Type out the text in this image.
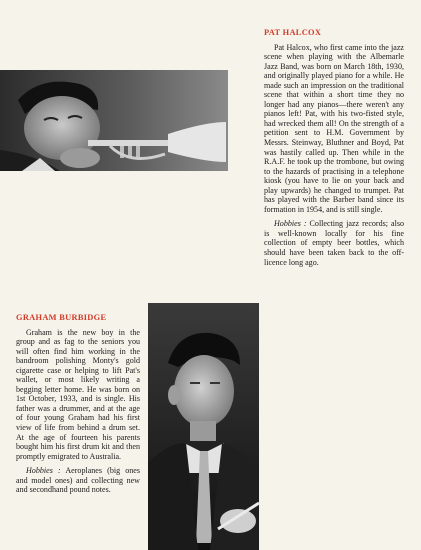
PAT HALCOX

Pat Halcox, who first came into the jazz scene when playing with the Albemarle Jazz Band, was born on March 18th, 1930, and originally played piano for a while. He made such an impression on the traditional scene that within a short time they no longer had any pianos—there weren't any pianos left! Pat, with his two-fisted style, had wrecked them all! On the strength of a petition sent to H.M. Government by Messrs. Steinway, Bluthner and Boyd, Pat was hastily called up. Then while in the R.A.F. he took up the trombone, but owing to the hazards of practising in a telephone kiosk (you have to lie on your back and play upwards) he changed to trumpet. Pat has played with the Barber band since its formation in 1954, and is still single.

Hobbies : Collecting jazz records; also is well-known locally for his fine collection of empty beer bottles, which should have been taken back to the off-licence long ago.

GRAHAM BURBIDGE

Graham is the new boy in the group and as fag to the seniors you will often find him working in the bandroom polishing Monty's gold cigarette case or helping to lift Pat's wallet, or most likely writing a begging letter home. He was born on 1st October, 1933, and is single. His father was a drummer, and at the age of four young Graham had his first view of life from behind a drum set. At the age of fourteen his parents bought him his first drum kit and then promptly emigrated to Australia.

Hobbies : Aeroplanes (big ones and model ones) and collecting new and secondhand pound notes.
